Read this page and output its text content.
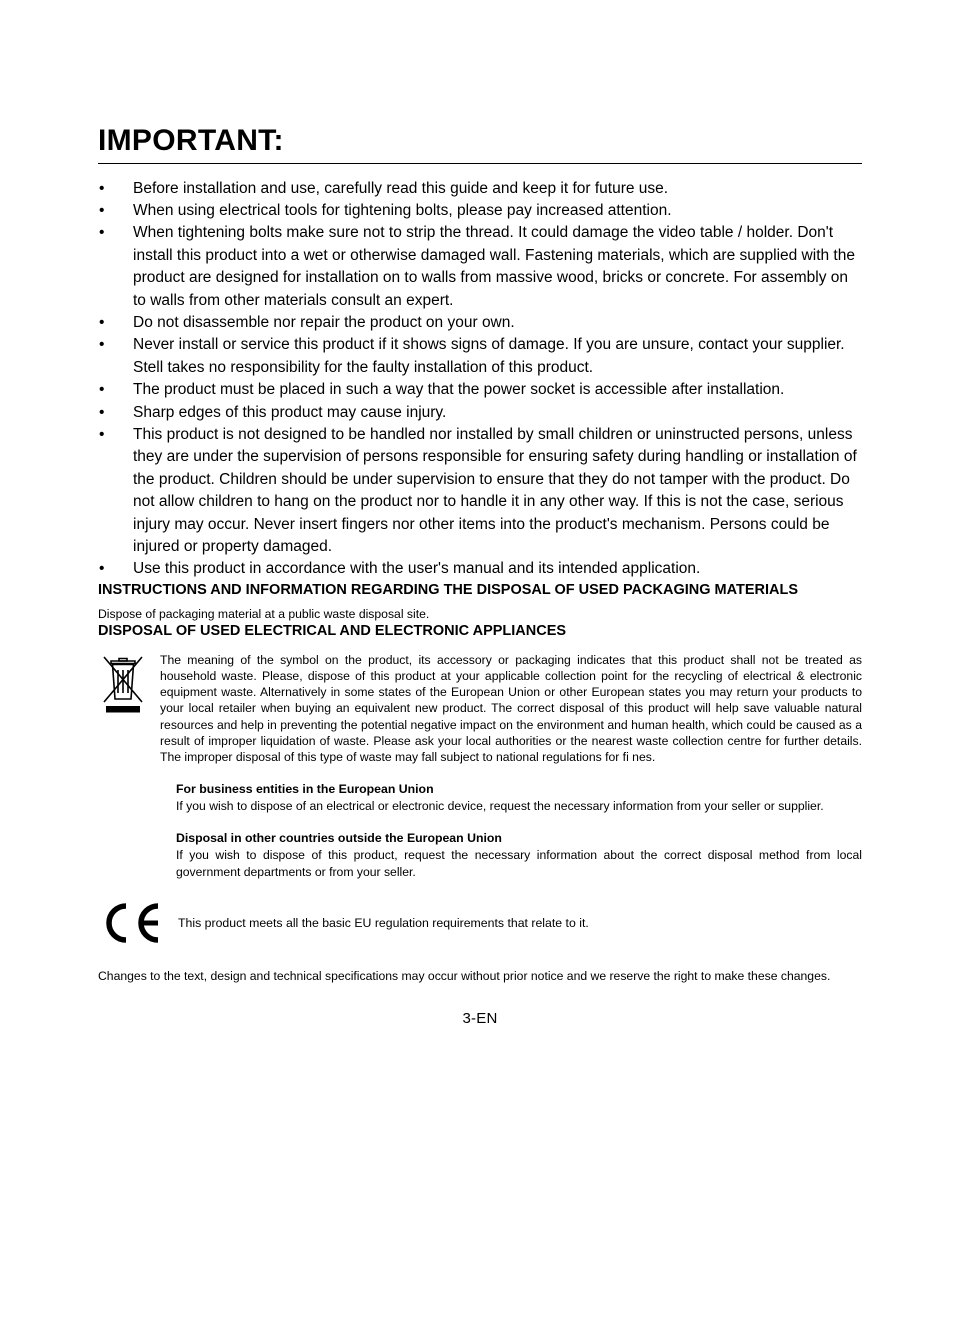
IMPORTANT:
• Before installation and use, carefully read this guide and keep it for future use.
• When using electrical tools for tightening bolts, please pay increased attention.
• When tightening bolts make sure not to strip the thread. It could damage the video table / holder. Don't install this product into a wet or otherwise damaged wall. Fastening materials, which are supplied with the product are designed for installation on to walls from massive wood, bricks or concrete. For assembly on to walls from other materials consult an expert.
• Do not disassemble nor repair the product on your own.
• Never install or service this product if it shows signs of damage. If you are unsure, contact your supplier. Stell takes no responsibility for the faulty installation of this product.
• The product must be placed in such a way that the power socket is accessible after installation.
• Sharp edges of this product may cause injury.
• This product is not designed to be handled nor installed by small children or uninstructed persons, unless they are under the supervision of persons responsible for ensuring safety during handling or installation of the product. Children should be under supervision to ensure that they do not tamper with the product. Do not allow children to hang on the product nor to handle it in any other way. If this is not the case, serious injury may occur. Never insert fingers nor other items into the product's mechanism. Persons could be injured or property damaged.
• Use this product in accordance with the user's manual and its intended application.
INSTRUCTIONS AND INFORMATION REGARDING THE DISPOSAL OF USED PACKAGING MATERIALS

Dispose of packaging material at a public waste disposal site.

DISPOSAL OF USED ELECTRICAL AND ELECTRONIC APPLIANCES
The meaning of the symbol on the product, its accessory or packaging indicates that this product shall not be treated as household waste. Please, dispose of this product at your applicable collection point for the recycling of electrical & electronic equipment waste. Alternatively in some states of the European Union or other European states you may return your products to your local retailer when buying an equivalent new product. The correct disposal of this product will help save valuable natural resources and help in preventing the potential negative impact on the environment and human health, which could be caused as a result of improper liquidation of waste. Please ask your local authorities or the nearest waste collection centre for further details. The improper disposal of this type of waste may fall subject to national regulations for fi nes.
For business entities in the European Union
If you wish to dispose of an electrical or electronic device, request the necessary information from your seller or supplier.
Disposal in other countries outside the European Union
If you wish to dispose of this product, request the necessary information about the correct disposal method from local government departments or from your seller.
This product meets all the basic EU regulation requirements that relate to it.
Changes to the text, design and technical specifications may occur without prior notice and we reserve the right to make these changes.
3-EN
